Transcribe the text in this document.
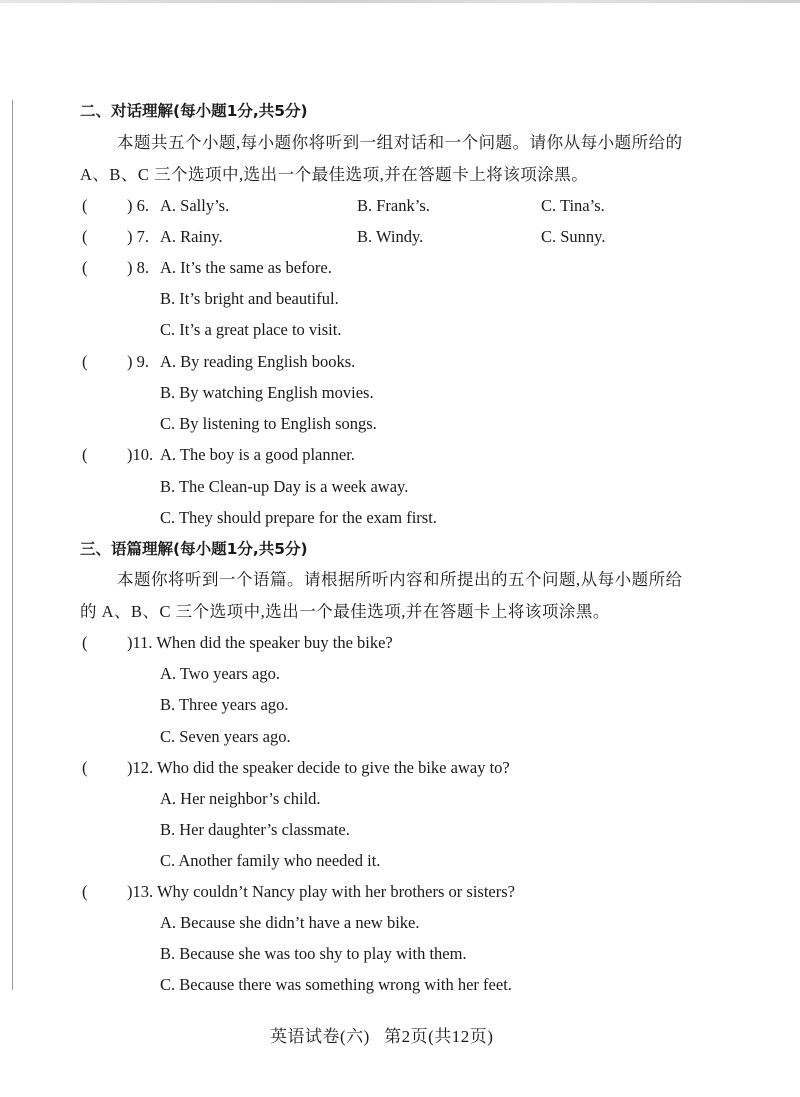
二、对话理解(每小题1分,共5分)
本题共五个小题,每小题你将听到一组对话和一个问题。请你从每小题所给的
A、B、C 三个选项中,选出一个最佳选项,并在答题卡上将该项涂黑。
( ) 6. A. Sally’s.	B. Frank’s.	C. Tina’s.
( ) 7. A. Rainy.	B. Windy.	C. Sunny.
( ) 8. A. It’s the same as before.
B. It’s bright and beautiful.
C. It’s a great place to visit.
( ) 9. A. By reading English books.
B. By watching English movies.
C. By listening to English songs.
( )10. A. The boy is a good planner.
B. The Clean-up Day is a week away.
C. They should prepare for the exam first.
三、语篇理解(每小题1分,共5分)
本题你将听到一个语篇。请根据所听内容和所提出的五个问题,从每小题所给
的 A、B、C 三个选项中,选出一个最佳选项,并在答题卡上将该项涂黑。
( )11. When did the speaker buy the bike?
A. Two years ago.
B. Three years ago.
C. Seven years ago.
( )12. Who did the speaker decide to give the bike away to?
A. Her neighbor’s child.
B. Her daughter’s classmate.
C. Another family who needed it.
( )13. Why couldn’t Nancy play with her brothers or sisters?
A. Because she didn’t have a new bike.
B. Because she was too shy to play with them.
C. Because there was something wrong with her feet.
英语试卷(六)   第2页(共12页)
